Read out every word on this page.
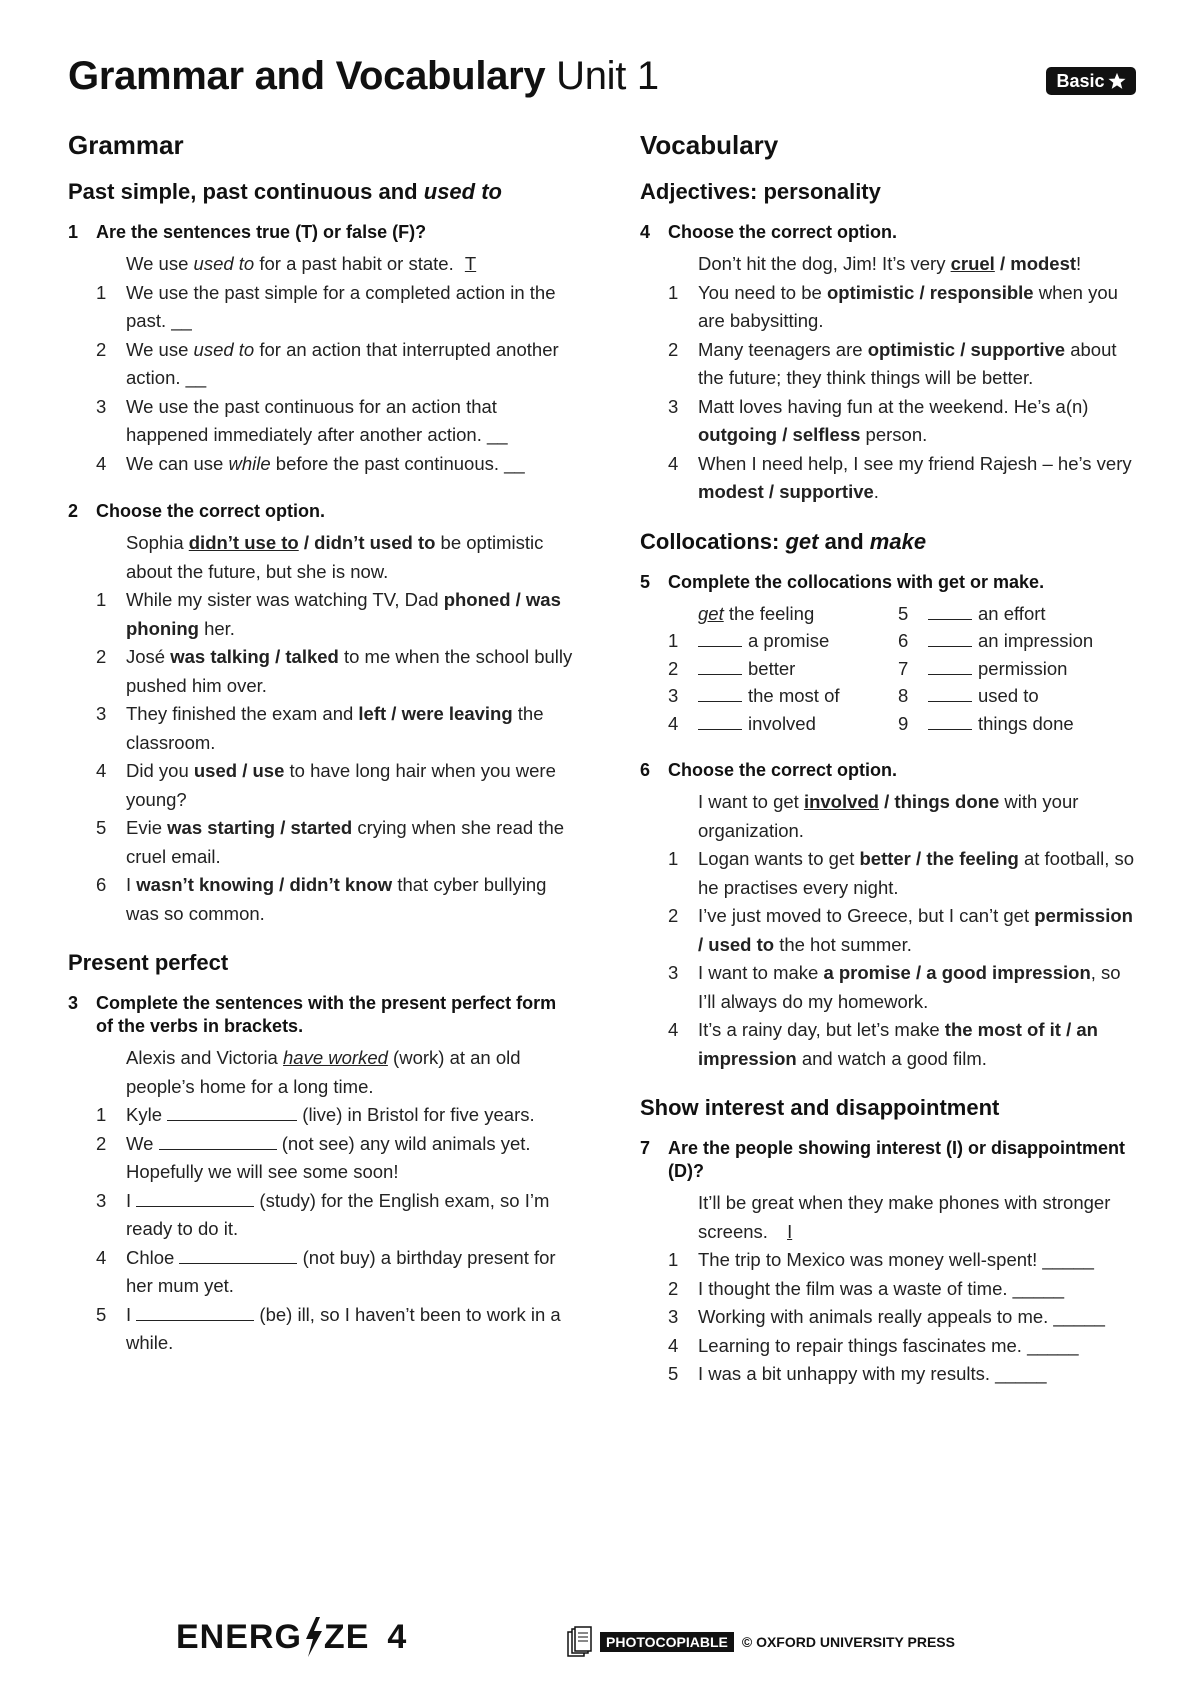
Grammar and Vocabulary Unit 1	Basic
Grammar
Past simple, past continuous and used to
1 Are the sentences true (T) or false (F)?
We use used to for a past habit or state. T
1	We use the past simple for a completed action in the past. __
2	We use used to for an action that interrupted another action. __
3	We use the past continuous for an action that happened immediately after another action. __
4	We can use while before the past continuous. __
2 Choose the correct option.
Sophia didn’t use to / didn’t used to be optimistic about the future, but she is now.
1	While my sister was watching TV, Dad phoned / was phoning her.
2	José was talking / talked to me when the school bully pushed him over.
3	They finished the exam and left / were leaving the classroom.
4	Did you used / use to have long hair when you were young?
5	Evie was starting / started crying when she read the cruel email.
6	I wasn’t knowing / didn’t know that cyber bullying was so common.
Present perfect
3 Complete the sentences with the present perfect form of the verbs in brackets.
Alexis and Victoria have worked (work) at an old people’s home for a long time.
1	Kyle	(live) in Bristol for five years.
2	We	(not see) any wild animals yet. Hopefully we will see some soon!
3	I	(study) for the English exam, so I’m ready to do it.
4	Chloe	(not buy) a birthday present for her mum yet.
5	I	(be) ill, so I haven’t been to work in a while.
Vocabulary
Adjectives: personality
4 Choose the correct option.
Don’t hit the dog, Jim! It’s very cruel / modest!
1	You need to be optimistic / responsible when you are babysitting.
2	Many teenagers are optimistic / supportive about the future; they think things will be better.
3	Matt loves having fun at the weekend. He’s a(n) outgoing / selfless person.
4	When I need help, I see my friend Rajesh – he’s very modest / supportive.
Collocations: get and make
5 Complete the collocations with get or make.
get the feeling	5	an effort
1	a promise	6	an impression
2	better	7	permission
3	the most of	8	used to
4	involved	9	things done
6 Choose the correct option.
I want to get involved / things done with your organization.
1	Logan wants to get better / the feeling at football, so he practises every night.
2	I’ve just moved to Greece, but I can’t get permission / used to the hot summer.
3	I want to make a promise / a good impression, so I’ll always do my homework.
4	It’s a rainy day, but let’s make the most of it / an impression and watch a good film.
Show interest and disappointment
7 Are the people showing interest (I) or disappointment (D)?
It’ll be great when they make phones with stronger screens. I
1	The trip to Mexico was money well-spent! _____
2	I thought the film was a waste of time. _____
3	Working with animals really appeals to me. _____
4	Learning to repair things fascinates me. _____
5	I was a bit unhappy with my results. _____
ENERG ZE 4	PHOTOCOPIABLE	© OXFORD UNIVERSITY PRESS
